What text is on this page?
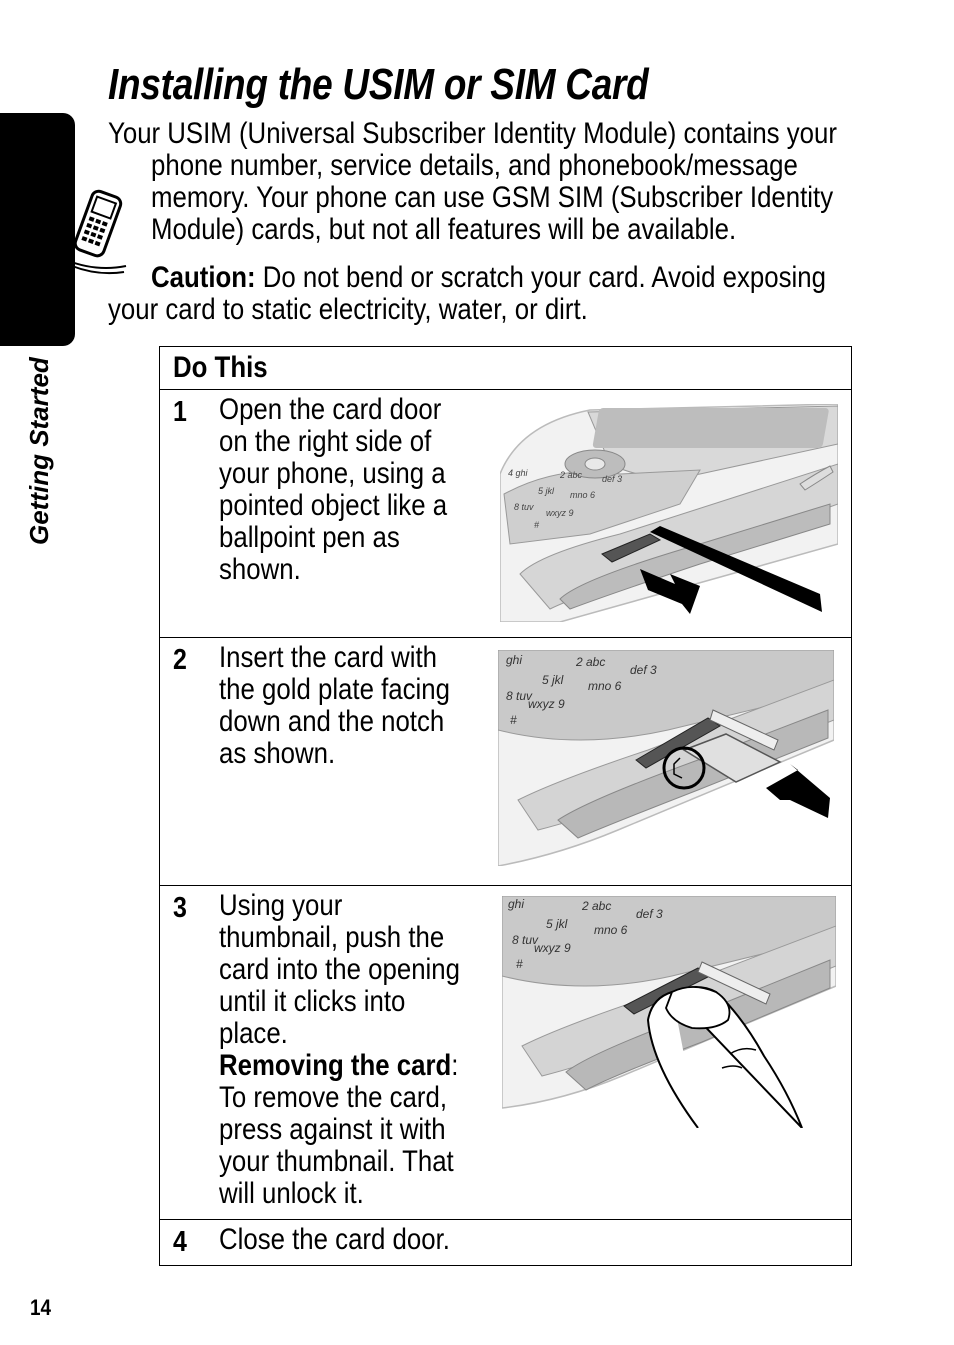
Installing the USIM or SIM Card
Getting Started
Your USIM (Universal Subscriber Identity Module) contains your
phone number, service details, and phonebook/message
memory. Your phone can use GSM SIM (Subscriber Identity
Module) cards, but not all features will be available.
Caution: Do not bend or scratch your card. Avoid exposing
your card to static electricity, water, or dirt.
Do This
1 Open the card door
on the right side of
your phone, using a
pointed object like a
ballpoint pen as
shown.
4 ghi	2 abc def 3
5 jkl mno 6
8 tuv
wxyz 9
#
2 Insert the card with
the gold plate facing
down and the notch
as shown.
ghi	2 abc
def 3
5 jkl mno 6
8 tuv
wxyz 9
#
3 Using your
thumbnail, push the
card into the opening
until it clicks into
place.
Removing the card:
To remove the card,
press against it with
your thumbnail. That
will unlock it.
ghi	2 abc
def 3
5 jkl mno 6
8 tuv
wxyz 9
#
4 Close the card door.
14
